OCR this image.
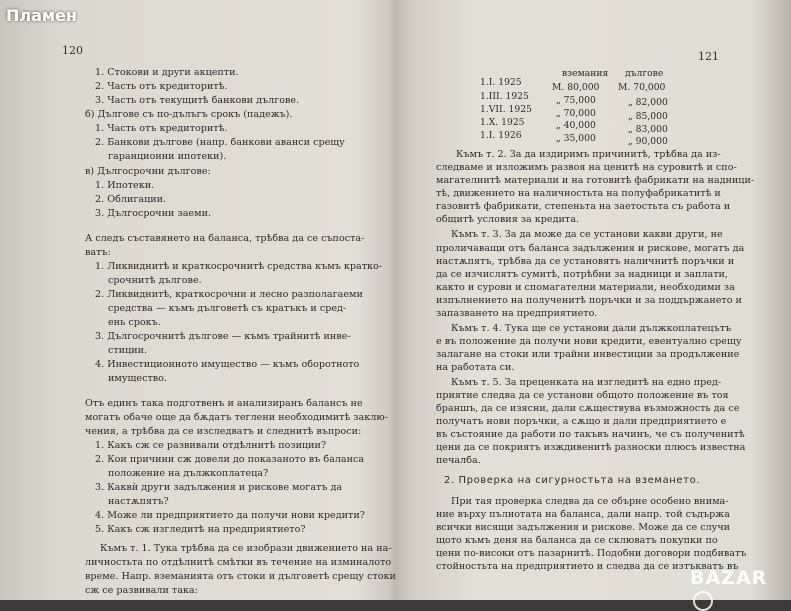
120
1. Стокови и други акцепти.
2. Часть отъ кредиторитѣ.
3. Часть отъ текущитѣ банкови дългове.
б) Дългове съ по-дълъгъ срокъ (падежъ).
1. Часть отъ кредиторитѣ.
2. Банкови дългове (напр. банкови аванси срещу
гаранционни ипотеки).
в) Дългосрочни дългове:
1. Ипотеки.
2. Облигации.
3. Дългосрочни заеми.
А следъ съставянето на баланса, трѣбва да се съпоста-
ватъ:
1. Ликвиднитѣ и краткосрочнитѣ средства къмъ кратко-
срочнитѣ дългове.
2. Ликвиднитѣ, краткосрочни и лесно разполагаеми
средства — къмъ дълговетѣ съ кратъкъ и сред-
ень срокъ.
3. Дългосрочнитѣ дългове — къмъ трайнитѣ инве-
стиции.
4. Инвестиционното имущество — къмъ оборотното
имущество.
Отъ единъ така подготвенъ и анализиранъ балансъ не
могатъ обаче още да бѫдатъ теглени необходимитѣ заклю-
чения, а трѣбва да се изследватъ и следнитѣ въпроси:
1. Какъ сж се развивали отдѣлнитѣ позиции?
2. Кои причини сж довели до показаното въ баланса
положение на дължкоплатеца?
3. Каквѝ други задължения и рискове могатъ да
настѫпятъ?
4. Може ли предприятието да получи нови кредити?
5. Какъ сж изгледитѣ на предприятието?
Къмъ т. 1. Тука трѣбва да се изобрази движението на на-
личностьта по отдѣлнитѣ смѣтки въ течение на изминалото
време. Напр. вземанията отъ стоки и дълговетѣ срещу стоки
сж се развивали така:
121
вземания дългове
1.I. 1925	М. 80,000 М. 70,000
1.III. 1925	„ 75,000	„ 82,000
1.VII. 1925	„ 70,000	„ 85,000
1.X. 1925	„ 40,000	„ 83,000
1.I. 1926	„ 35,000	„ 90,000
Къмъ т. 2. За да издиримъ причинитѣ, трѣбва да из-
следваме и изложимъ развоя на ценитѣ на суровитѣ и спо-
магателнитѣ материали и на готовитѣ фабрикати на надници-
тѣ, движението на наличностьта на полуфабрикатитѣ и
газовитѣ фабрикати, степеньта на заетостьта съ работа и
общитѣ условия за кредита.
Къмъ т. 3. За да може да се установи какви други, не
проличаващи отъ баланса задължения и рискове, могатъ да
настѫпятъ, трѣбва да се установятъ наличнитѣ поръчки и
да се изчислятъ сумитѣ, потрѣбни за надници и заплати,
както и сурови и спомагателни материали, необходими за
изпълнението на полученитѣ поръчки и за поддържането и
запазването на предприятието.
Къмъ т. 4. Тука ще се установи дали дължкоплатецътъ
е въ положение да получи нови кредити, евентуално срещу
залагане на стоки или трайни инвестиции за продължение
на работата си.
Къмъ т. 5. За преценката на изгледитѣ на едно пред-
приятие следва да се установи общото положение въ тоя
браншъ, да се изясни, дали сѫществува възможность да се
получатъ нови поръчки, а сѫщо и дали предприятието е
въ състояние да работи по такъвъ начинъ, че съ полученитѣ
цени да се покриятъ изждивенитѣ разноски плюсъ известна
печалба.
2. Проверка на сигурностьта на вземането.
При тая проверка следва да се обърне особено внима-
ние върху пълнотата на баланса, дали напр. той съдържа
всички висящи задължения и рискове. Може да се случи
щото къмъ деня на баланса да се склюватъ покупки по
цени по-високи отъ пазарнитѣ. Подобни договори подбиватъ
стойностьта на предприятието и следва да се изтъкватъ въ
Пламен
BAZAR
